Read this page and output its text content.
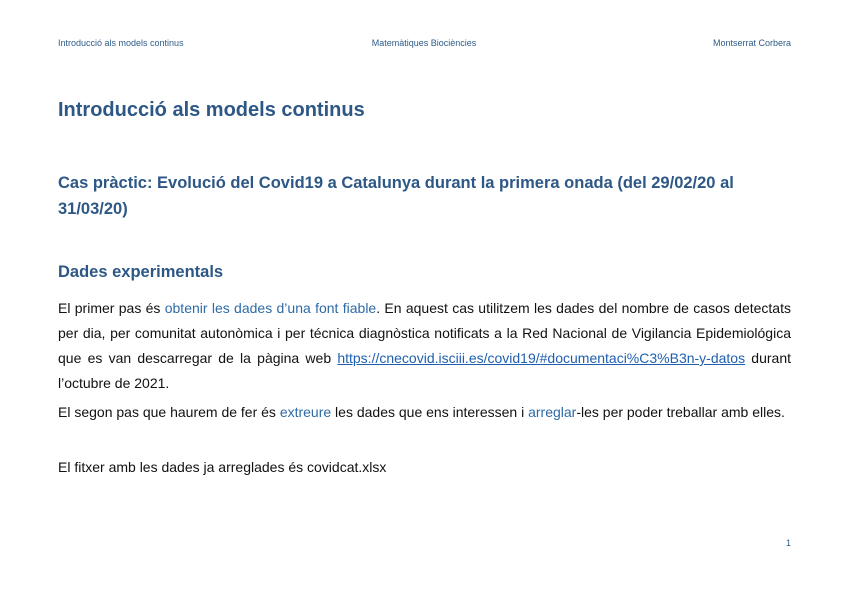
Introducció als models continus	Matemàtiques Biociències	Montserrat Corbera
Introducció als models continus
Cas pràctic: Evolució del Covid19 a Catalunya durant la primera onada (del 29/02/20 al 31/03/20)
Dades experimentals

El primer pas és obtenir les dades d’una font fiable. En aquest cas utilitzem les dades del nombre de casos detectats per dia, per comunitat autonòmica i per técnica diagnòstica notificats a la Red Nacional de Vigilancia Epidemiológica que es van descarregar de la pàgina web https://cnecovid.isciii.es/covid19/#documentaci%C3%B3n-y-datos durant l’octubre de 2021.

El segon pas que haurem de fer és extreure les dades que ens interessen i arreglar-les per poder treballar amb elles.

El fitxer amb les dades ja arreglades és covidcat.xlsx

1
